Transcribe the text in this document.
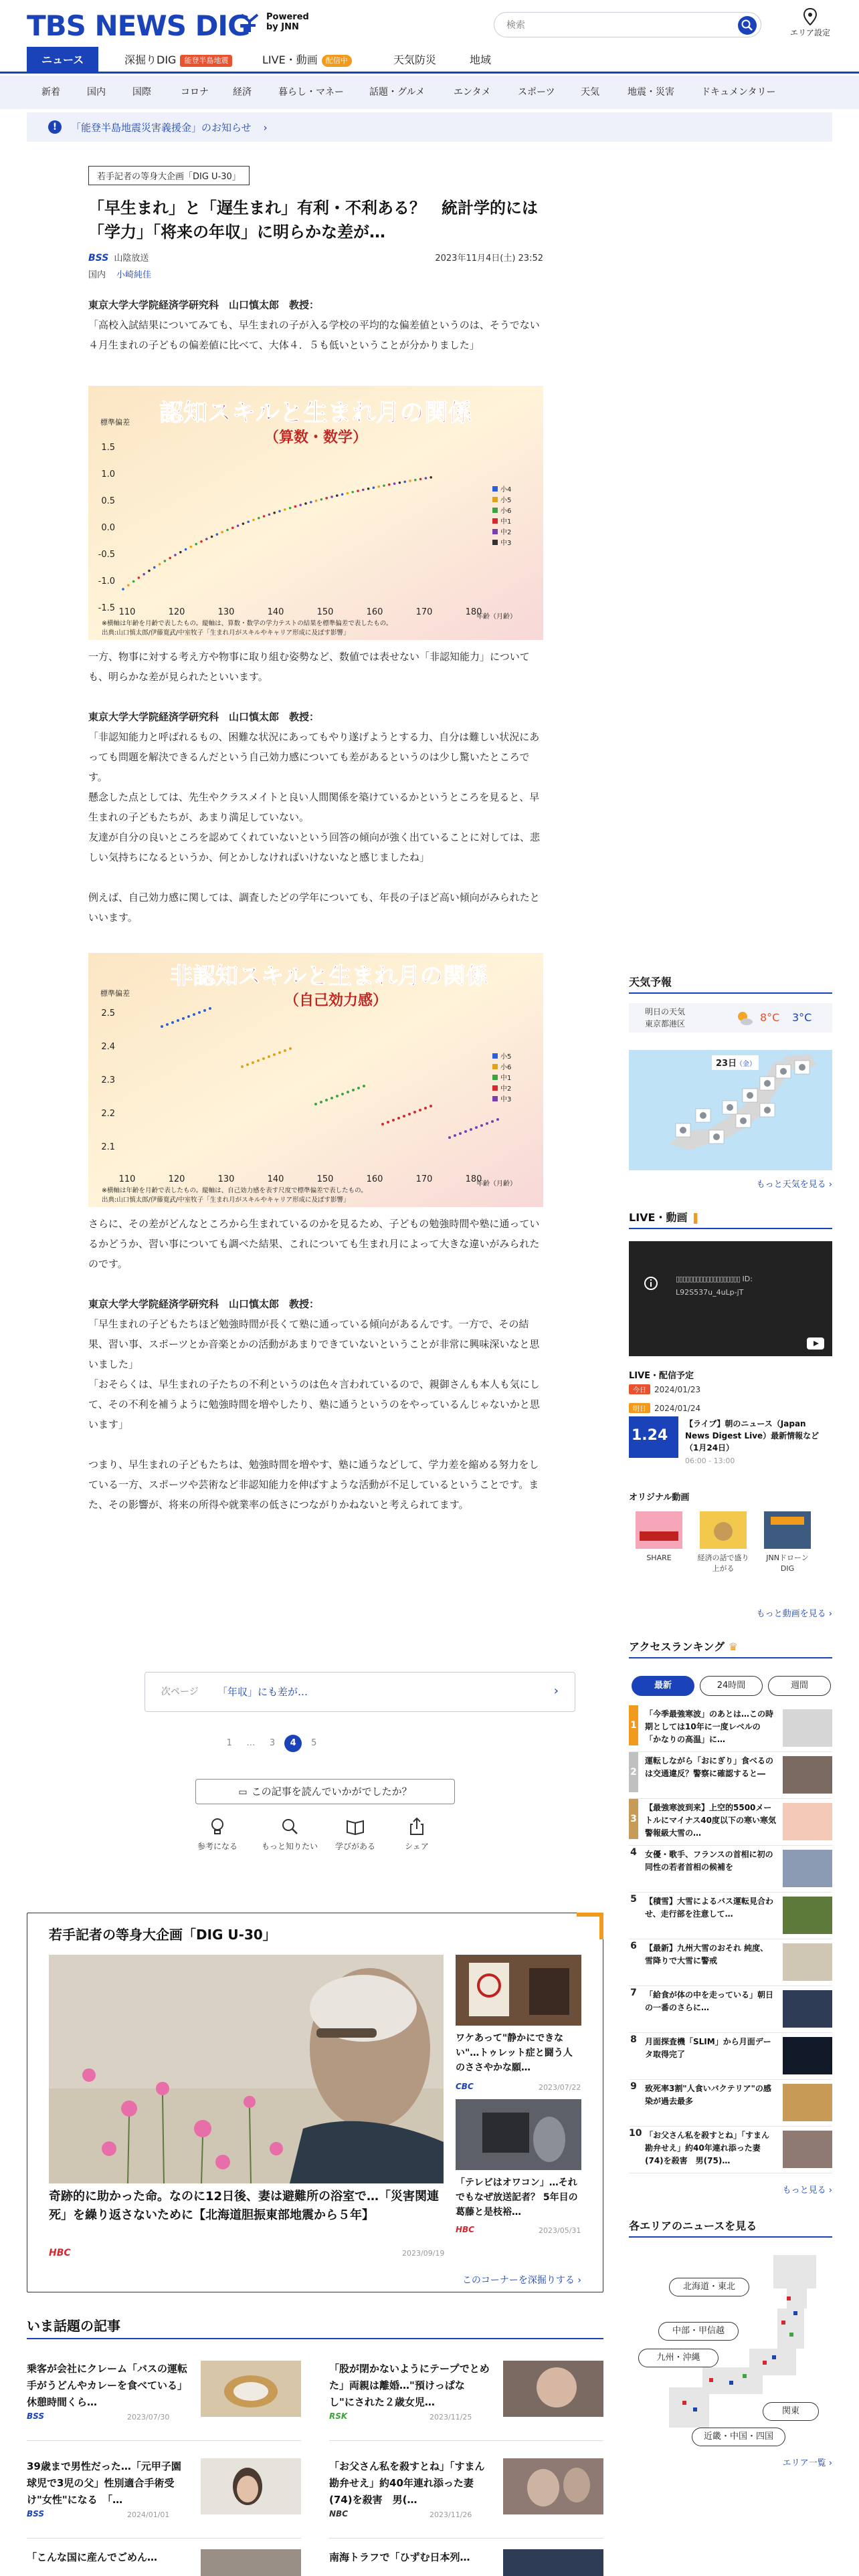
TBS NEWS DIG Powered
by JNN
検索
エリア設定
ニュース	深掘りDIG 能登半島地震	LIVE・動画 配信中	天気防災	地域
新着	国内	国際	コロナ	経済	暮らし・マネー	話題・グルメ	エンタメ	スポーツ	天気	地震・災害	ドキュメンタリー
!	「能登半島地震災害義援金」のお知らせ ›
若手記者の等身大企画「DIG U-30」
「早生まれ」と「遅生まれ」有利・不利ある？　統計学的には「学力」「将来の年収」に明らかな差が…
BSS 山陰放送	2023年11月4日(土) 23:52
国内 小崎純佳

東京大学大学院経済学研究科　山口慎太郎　教授：

「高校入試結果についてみても、早生まれの子が入る学校の平均的な偏差値というのは、そうでない４月生まれの子どもの偏差値に比べて、大体４．５も低いということが分かりました」

認知スキルと生まれ月の関係
（算数・数学）
標準偏差
1.5
1.0
0.5
0.0
-0.5
-1.0
-1.5 110	120	130	140	150	160	170	180
小4
小5
小6
中1
中2
中3
年齢（月齢）
※横軸は年齢を月齢で表したもの。縦軸は、算数・数学の学力テストの結果を標準偏差で表したもの。
出典:山口慎太郎/伊藤寛武/中室牧子「生まれ月がスキルやキャリア形成に及ぼす影響」

一方、物事に対する考え方や物事に取り組む姿勢など、数値では表せない「非認知能力」についても、明らかな差が見られたといいます。

東京大学大学院経済学研究科　山口慎太郎　教授：

「非認知能力と呼ばれるもの、困難な状況にあってもやり遂げようとする力、自分は難しい状況にあっても問題を解決できるんだという自己効力感についても差があるというのは少し驚いたところです。

懸念した点としては、先生やクラスメイトと良い人間関係を築けているかというところを見ると、早生まれの子どもたちが、あまり満足していない。

友達が自分の良いところを認めてくれていないという回答の傾向が強く出ていることに対しては、悲しい気持ちになるというか、何とかしなければいけないなと感じましたね」

例えば、自己効力感に関しては、調査したどの学年についても、年長の子ほど高い傾向がみられたといいます。

非認知スキルと生まれ月の関係
（自己効力感）
標準偏差
2.5
2.4
2.3
2.2
2.1
110	120	130	140	150	160	170	180
小5
小6
中1
中2
中3
年齢（月齢）
※横軸は年齢を月齢で表したもの。縦軸は、自己効力感を表す尺度で標準偏差で表したもの。
出典:山口慎太郎/伊藤寛武/中室牧子「生まれ月がスキルやキャリア形成に及ぼす影響」

さらに、その差がどんなところから生まれているのかを見るため、子どもの勉強時間や塾に通っているかどうか、習い事についても調べた結果、これについても生まれ月によって大きな違いがみられたのです。

東京大学大学院経済学研究科　山口慎太郎　教授：

「早生まれの子どもたちほど勉強時間が長くて塾に通っている傾向があるんです。一方で、その結果、習い事、スポーツとか音楽とかの活動があまりできていないということが非常に興味深いなと思いました」

「おそらくは、早生まれの子たちの不利というのは色々言われているので、親御さんも本人も気にして、その不利を補うように勉強時間を増やしたり、塾に通うというのをやっているんじゃないかと思います」

つまり、早生まれの子どもたちは、勉強時間を増やす、塾に通うなどして、学力差を縮める努力をしている一方、スポーツや芸術など非認知能力を伸ばすような活動が不足しているということです。また、その影響が、将来の所得や就業率の低さにつながりかねないと考えられてます。

次ページ 「年収」にも差が…	›
1 … 3 4 5
▭ この記事を読んでいかがでしたか？
参考になる	もっと知りたい	学びがある	シェア
若手記者の等身大企画「DIG U-30」
奇跡的に助かった命。なのに12日後、妻は避難所の浴室で…「災害関連死」を繰り返さないために【北海道胆振東部地震から５年】
HBC	2023/09/19
ワケあって"静かにできない"…トゥレット症と闘う人のささやかな願…
CBC	2023/07/22
「テレビはオワコン」…それでもなぜ放送記者？ 5年目の葛藤と是枝裕…
HBC	2023/05/31
このコーナーを深掘りする ›
いま話題の記事
乗客が会社にクレーム「バスの運転手がうどんやカレーを食べている」　休憩時間くら…
BSS	2023/07/30
「股が閉かないようにテープでとめた」両親は離婚…"預けっぱなし"にされた２歳女児…
RSK	2023/11/25
39歳まで男性だった…「元甲子園球児で3児の父」性別適合手術受け"女性"になる　「…
BSS	2024/01/01
「お父さん私を殺すとね」「すまん勘弁せえ」約40年連れ添った妻(74)を殺害　男(…
NBC	2023/11/26
「こんな国に産んでごめん…	南海トラフで「ひずむ日本列…
天気予報
明日の天気
東京都港区	8°C 3°C
23日
（金）
もっと天気を見る ›
LIVE・動画 ❚
▯▯▯▯▯▯▯▯▯▯▯▯▯▯▯▯▯▯▯ ID:
L92S537u_4uLp-jT
LIVE・配信予定
今日 2024/01/23
明日 2024/01/24
1.24
【ライブ】朝のニュース（Japan News Digest Live）最新情報など（1月24日）
06:00 - 13:00
オリジナル動画
SHARE	経済の話で盛り上がる
JNNドローンDIG
もっと動画を見る ›
アクセスランキング ♛
最新	24時間	週間
1
「今季最強寒波」のあとは…この時期としては10年に一度レベルの「かなりの高温」に…
2
運転しながら「おにぎり」食べるのは交通違反？警察に確認すると―
3
【最強寒波到来】上空的5500メートルにマイナス40度以下の寒い寒気 警報級大雪の…
4 女優・歌手、フランスの首相に初の同性の若者首相の候補を
5 【積雪】大雪によるバス運転見合わせ、走行部を注意して…
6 【最新】九州大雪のおそれ 純度、雪降りで大雪に警戒
7 「給食が体の中を走っている」朝日の一番のさらに…
8 月面探査機「SLIM」から月面データ取得完了
9 致死率3割"人食いバクテリア"の感染が過去最多
10 「お父さん私を殺すとね」「すまん勘弁せえ」約40年連れ添った妻(74)を殺害　男(75)…
もっと見る ›
各エリアのニュースを見る
北海道・東北
中部・甲信越
九州・沖縄
関東
近畿・中国・四国
エリア一覧 ›
